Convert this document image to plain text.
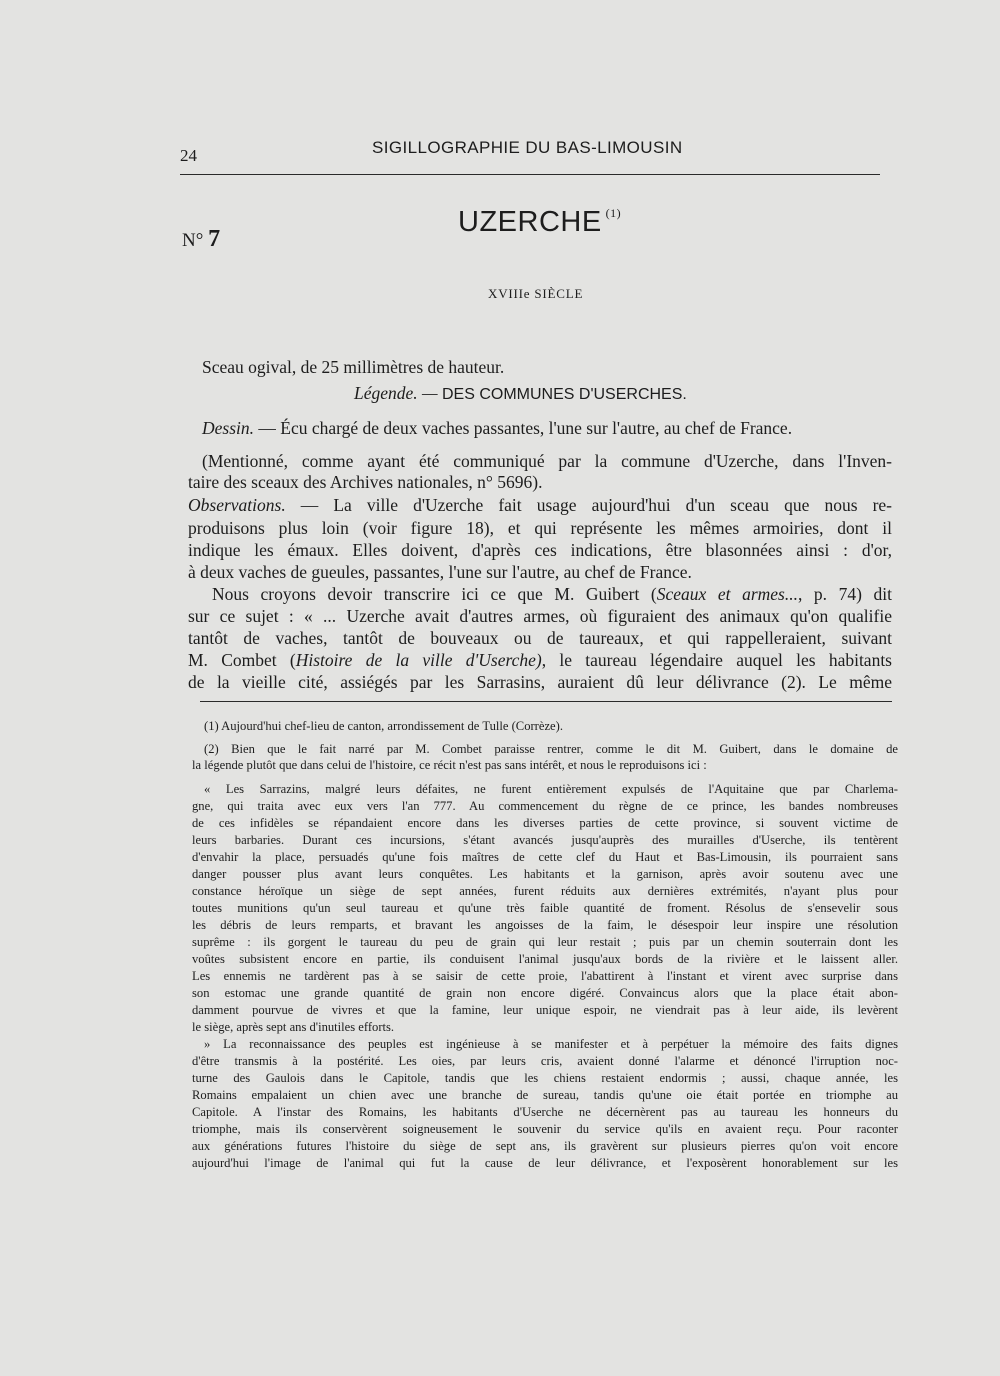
24	SIGILLOGRAPHIE DU BAS-LIMOUSIN
N° 7
UZERCHE $^{(1)}$
XVIIIe SIÈCLE
Sceau ogival, de 25 millimètres de hauteur.
Légende. — DES COMMUNES D'USERCHES.
Dessin. — Écu chargé de deux vaches passantes, l'une sur l'autre, au chef de France.
(Mentionné, comme ayant été communiqué par la commune d'Uzerche, dans l'Inven-
taire des sceaux des Archives nationales, n° 5696).
Observations. — La ville d'Uzerche fait usage aujourd'hui d'un sceau que nous re-
produisons plus loin (voir figure 18), et qui représente les mêmes armoiries, dont il
indique les émaux. Elles doivent, d'après ces indications, être blasonnées ainsi : d'or,
à deux vaches de gueules, passantes, l'une sur l'autre, au chef de France.
Nous croyons devoir transcrire ici ce que M. Guibert (Sceaux et armes..., p. 74) dit
sur ce sujet : « ... Uzerche avait d'autres armes, où figuraient des animaux qu'on qualifie
tantôt de vaches, tantôt de bouveaux ou de taureaux, et qui rappelleraient, suivant
M. Combet (Histoire de la ville d'Userche), le taureau légendaire auquel les habitants
de la vieille cité, assiégés par les Sarrasins, auraient dû leur délivrance (2). Le même
(1) Aujourd'hui chef-lieu de canton, arrondissement de Tulle (Corrèze).
(2) Bien que le fait narré par M. Combet paraisse rentrer, comme le dit M. Guibert, dans le domaine de
la légende plutôt que dans celui de l'histoire, ce récit n'est pas sans intérêt, et nous le reproduisons ici :
« Les Sarrazins, malgré leurs défaites, ne furent entièrement expulsés de l'Aquitaine que par Charlema-
gne, qui traita avec eux vers l'an 777. Au commencement du règne de ce prince, les bandes nombreuses
de ces infidèles se répandaient encore dans les diverses parties de cette province, si souvent victime de
leurs barbaries. Durant ces incursions, s'étant avancés jusqu'auprès des murailles d'Userche, ils tentèrent
d'envahir la place, persuadés qu'une fois maîtres de cette clef du Haut et Bas-Limousin, ils pourraient sans
danger pousser plus avant leurs conquêtes. Les habitants et la garnison, après avoir soutenu avec une
constance héroïque un siège de sept années, furent réduits aux dernières extrémités, n'ayant plus pour
toutes munitions qu'un seul taureau et qu'une très faible quantité de froment. Résolus de s'ensevelir sous
les débris de leurs remparts, et bravant les angoisses de la faim, le désespoir leur inspire une résolution
suprême : ils gorgent le taureau du peu de grain qui leur restait ; puis par un chemin souterrain dont les
voûtes subsistent encore en partie, ils conduisent l'animal jusqu'aux bords de la rivière et le laissent aller.
Les ennemis ne tardèrent pas à se saisir de cette proie, l'abattirent à l'instant et virent avec surprise dans
son estomac une grande quantité de grain non encore digéré. Convaincus alors que la place était abon-
damment pourvue de vivres et que la famine, leur unique espoir, ne viendrait pas à leur aide, ils levèrent
le siège, après sept ans d'inutiles efforts.
» La reconnaissance des peuples est ingénieuse à se manifester et à perpétuer la mémoire des faits dignes
d'être transmis à la postérité. Les oies, par leurs cris, avaient donné l'alarme et dénoncé l'irruption noc-
turne des Gaulois dans le Capitole, tandis que les chiens restaient endormis ; aussi, chaque année, les
Romains empalaient un chien avec une branche de sureau, tandis qu'une oie était portée en triomphe au
Capitole. A l'instar des Romains, les habitants d'Userche ne décernèrent pas au taureau les honneurs du
triomphe, mais ils conservèrent soigneusement le souvenir du service qu'ils en avaient reçu. Pour raconter
aux générations futures l'histoire du siège de sept ans, ils gravèrent sur plusieurs pierres qu'on voit encore
aujourd'hui l'image de l'animal qui fut la cause de leur délivrance, et l'exposèrent honorablement sur les
